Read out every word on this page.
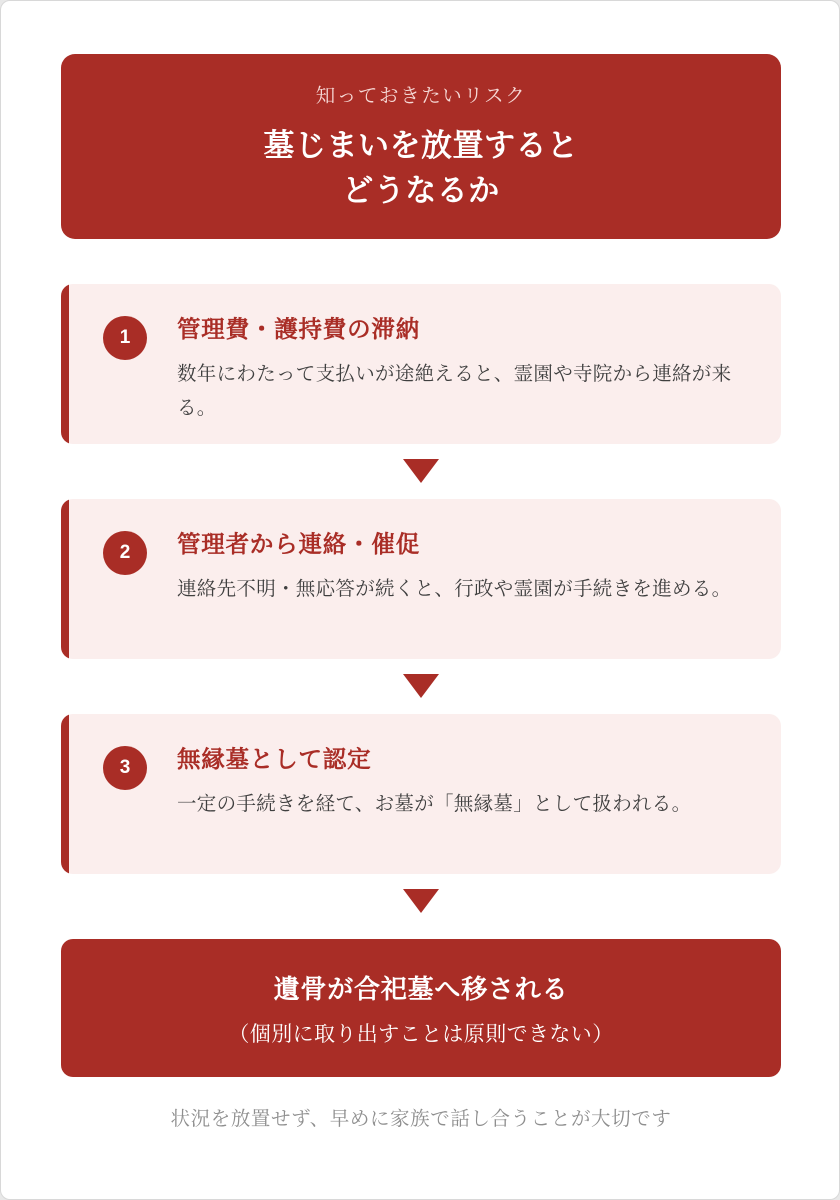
知っておきたいリスク
墓じまいを放置すると
どうなるか
1	管理費・護持費の滞納
数年にわたって支払いが途絶えると、霊園や寺院から連絡が来る。
2	管理者から連絡・催促
連絡先不明・無応答が続くと、行政や霊園が手続きを進める。
3	無縁墓として認定
一定の手続きを経て、お墓が「無縁墓」として扱われる。
遺骨が合祀墓へ移される
（個別に取り出すことは原則できない）
状況を放置せず、早めに家族で話し合うことが大切です
